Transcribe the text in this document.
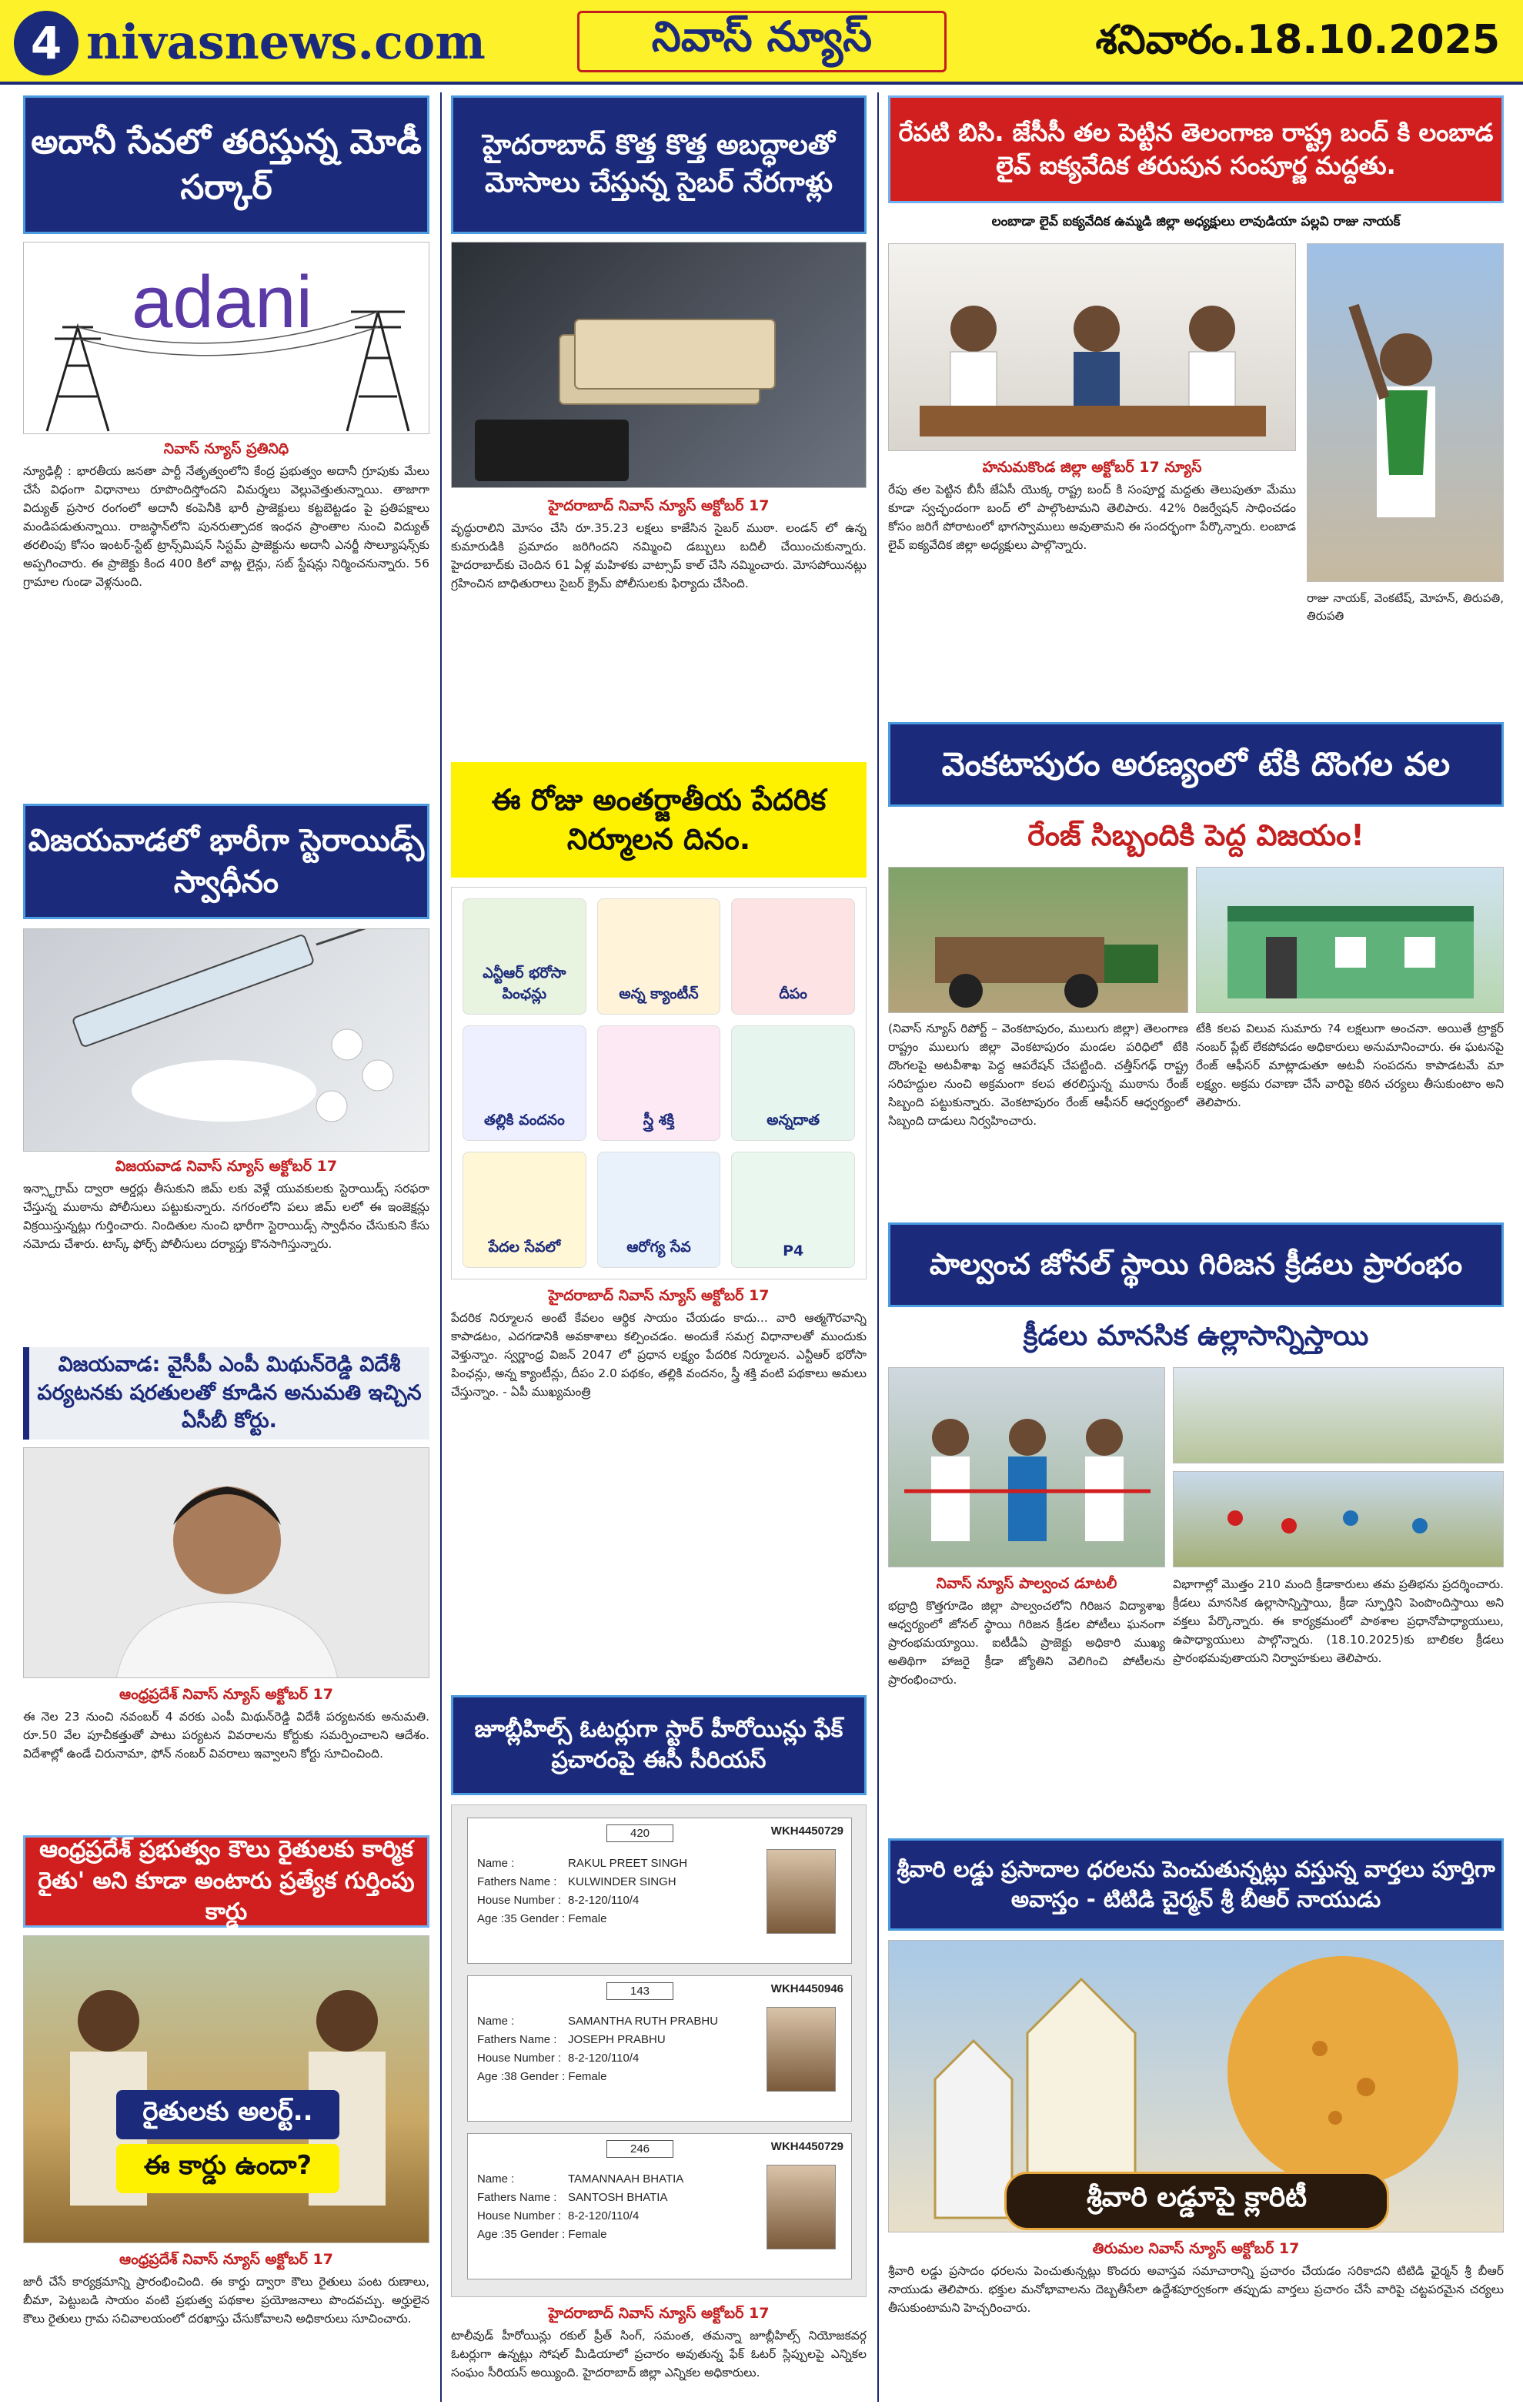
4 nivasnews.com	నివాస్ న్యూస్	శనివారం.18.10.2025
అదానీ సేవలో తరిస్తున్న మోడీ సర్కార్
adani
నివాస్ న్యూస్ ప్రతినిధి
న్యూఢిల్లీ : భారతీయ జనతా పార్టీ నేతృత్వంలోని కేంద్ర ప్రభుత్వం అదానీ గ్రూపుకు మేలు చేసే విధంగా విధానాలు రూపొందిస్తోందని విమర్శలు వెల్లువెత్తుతున్నాయి. తాజాగా విద్యుత్ ప్రసార రంగంలో అదానీ కంపెనీకి భారీ ప్రాజెక్టులు కట్టబెట్టడం పై ప్రతిపక్షాలు మండిపడుతున్నాయి. రాజస్థాన్‌లోని పునరుత్పాదక ఇంధన ప్రాంతాల నుంచి విద్యుత్ తరలింపు కోసం ఇంటర్-స్టేట్ ట్రాన్స్‌మిషన్ సిస్టమ్ ప్రాజెక్టును అదానీ ఎనర్జీ సొల్యూషన్స్‌కు అప్పగించారు. ఈ ప్రాజెక్టు కింద 400 కిలో వాట్ల లైన్లు, సబ్ స్టేషన్లు నిర్మించనున్నారు. 56 గ్రామాల గుండా వెళ్లనుంది.
విజయవాడలో భారీగా స్టెరాయిడ్స్ స్వాధీనం
విజయవాడ నివాస్ న్యూస్ అక్టోబర్ 17
ఇన్స్టాగ్రామ్ ద్వారా ఆర్డర్లు తీసుకుని జిమ్ లకు వెళ్లే యువకులకు స్టెరాయిడ్స్ సరఫరా చేస్తున్న ముఠాను పోలీసులు పట్టుకున్నారు. నగరంలోని పలు జిమ్ లలో ఈ ఇంజెక్షన్లు విక్రయిస్తున్నట్లు గుర్తించారు. నిందితుల నుంచి భారీగా స్టెరాయిడ్స్ స్వాధీనం చేసుకుని కేసు నమోదు చేశారు. టాస్క్ ఫోర్స్ పోలీసులు దర్యాప్తు కొనసాగిస్తున్నారు.
విజయవాడ: వైసీపీ ఎంపీ మిథున్‌రెడ్డి విదేశీ పర్యటనకు షరతులతో కూడిన అనుమతి ఇచ్చిన ఏసీబీ కోర్టు.
ఆంధ్రప్రదేశ్ నివాస్ న్యూస్ అక్టోబర్ 17
ఈ నెల 23 నుంచి నవంబర్ 4 వరకు ఎంపీ మిథున్‌రెడ్డి విదేశీ పర్యటనకు అనుమతి. రూ.50 వేల పూచీకత్తుతో పాటు పర్యటన వివరాలను కోర్టుకు సమర్పించాలని ఆదేశం. విదేశాల్లో ఉండే చిరునామా, ఫోన్ నంబర్ వివరాలు ఇవ్వాలని కోర్టు సూచించింది.
ఆంధ్రప్రదేశ్ ప్రభుత్వం కౌలు రైతులకు కార్మిక రైతు' అని కూడా అంటారు ప్రత్యేక గుర్తింపు కార్డు
రైతులకు అలర్ట్..
ఈ కార్డు ఉందా?
ఆంధ్రప్రదేశ్ నివాస్ న్యూస్ అక్టోబర్ 17
జారీ చేసే కార్యక్రమాన్ని ప్రారంభించింది. ఈ కార్డు ద్వారా కౌలు రైతులు పంట రుణాలు, బీమా, పెట్టుబడి సాయం వంటి ప్రభుత్వ పథకాల ప్రయోజనాలు పొందవచ్చు. అర్హులైన కౌలు రైతులు గ్రామ సచివాలయంలో దరఖాస్తు చేసుకోవాలని అధికారులు సూచించారు.
హైదరాబాద్ కొత్త కొత్త అబద్ధాలతో మోసాలు చేస్తున్న సైబర్ నేరగాళ్లు
హైదరాబాద్ నివాస్ న్యూస్ అక్టోబర్ 17
వృద్ధురాలిని మోసం చేసి రూ.35.23 లక్షలు కాజేసిన సైబర్ ముఠా. లండన్ లో ఉన్న కుమారుడికి ప్రమాదం జరిగిందని నమ్మించి డబ్బులు బదిలీ చేయించుకున్నారు. హైదరాబాద్‌కు చెందిన 61 ఏళ్ల మహిళకు వాట్సాప్ కాల్ చేసి నమ్మించారు. మోసపోయినట్లు గ్రహించిన బాధితురాలు సైబర్ క్రైమ్ పోలీసులకు ఫిర్యాదు చేసింది.
ఈ రోజు అంతర్జాతీయ పేదరిక నిర్మూలన దినం.
ఎన్టీఆర్ భరోసా పింఛన్లు	అన్న క్యాంటీన్	దీపం
తల్లికి వందనం	స్త్రీ శక్తి	అన్నదాత
పేదల సేవలో	ఆరోగ్య సేవ	P4
హైదరాబాద్ నివాస్ న్యూస్ అక్టోబర్ 17
పేదరిక నిర్మూలన అంటే కేవలం ఆర్థిక సాయం చేయడం కాదు... వారి ఆత్మగౌరవాన్ని కాపాడటం, ఎదగడానికి అవకాశాలు కల్పించడం. అందుకే సమగ్ర విధానాలతో ముందుకు వెళ్తున్నాం. స్వర్ణాంధ్ర విజన్ 2047 లో ప్రధాన లక్ష్యం పేదరిక నిర్మూలన. ఎన్టీఆర్ భరోసా పింఛన్లు, అన్న క్యాంటీన్లు, దీపం 2.0 పథకం, తల్లికి వందనం, స్త్రీ శక్తి వంటి పథకాలు అమలు చేస్తున్నాం. - ఏపీ ముఖ్యమంత్రి
జూబ్లీహిల్స్ ఓటర్లుగా స్టార్ హీరోయిన్లు ఫేక్ ప్రచారంపై ఈసీ సీరియస్
420	WKH4450729
Name :	RAKUL PREET SINGH
Fathers Name : KULWINDER SINGH
House Number : 8-2-120/110/4
Age :35 Gender : Female
143	WKH4450946
Name :	SAMANTHA RUTH PRABHU
Fathers Name : JOSEPH PRABHU
House Number : 8-2-120/110/4
Age :38 Gender : Female
246	WKH4450729
Name :	TAMANNAAH BHATIA
Fathers Name : SANTOSH BHATIA
House Number : 8-2-120/110/4
Age :35 Gender : Female
హైదరాబాద్ నివాస్ న్యూస్ అక్టోబర్ 17
టాలీవుడ్ హీరోయిన్లు రకుల్ ప్రీత్ సింగ్, సమంత, తమన్నా జూబ్లీహిల్స్ నియోజకవర్గ ఓటర్లుగా ఉన్నట్లు సోషల్ మీడియాలో ప్రచారం అవుతున్న ఫేక్ ఓటర్ స్లిప్పులపై ఎన్నికల సంఘం సీరియస్ అయ్యింది. హైదరాబాద్ జిల్లా ఎన్నికల అధికారులు.
రేపటి బిసి. జేసీసీ తల పెట్టిన తెలంగాణ రాష్ట్ర బంద్ కి లంబాడ లైవ్ ఐక్యవేదిక తరుపున సంపూర్ణ మద్దతు.
లంబాడా లైవ్ ఐక్యవేదిక ఉమ్మడి జిల్లా అధ్యక్షులు లావుడియా పల్లవి రాజు నాయక్
హనుమకొండ జిల్లా అక్టోబర్ 17 న్యూస్
రేపు తల పెట్టిన బీసీ జేఏసీ యొక్క రాష్ట్ర బంద్ కి సంపూర్ణ మద్దతు తెలుపుతూ మేము కూడా స్వచ్ఛందంగా బంద్ లో పాల్గొంటామని తెలిపారు. 42% రిజర్వేషన్ సాధించడం కోసం జరిగే పోరాటంలో భాగస్వాములు అవుతామని ఈ సందర్భంగా పేర్కొన్నారు. లంబాడ లైవ్ ఐక్యవేదిక జిల్లా అధ్యక్షులు పాల్గొన్నారు.
రాజు నాయక్, వెంకటేష్, మోహన్, తిరుపతి, తిరుపతి
వెంకటాపురం అరణ్యంలో టేకి దొంగల వల
రేంజ్ సిబ్బందికి పెద్ద విజయం!
(నివాస్ న్యూస్ రిపోర్ట్ – వెంకటాపురం, ములుగు జిల్లా) తెలంగాణ రాష్ట్రం ములుగు జిల్లా వెంకటాపురం మండల పరిధిలో టేకి దొంగలపై అటవీశాఖ పెద్ద ఆపరేషన్ చేపట్టింది. చత్తీస్‌గఢ్ రాష్ట్ర సరిహద్దుల నుంచి అక్రమంగా కలప తరలిస్తున్న ముఠాను రేంజ్ సిబ్బంది పట్టుకున్నారు. వెంకటాపురం రేంజ్ ఆఫీసర్ ఆధ్వర్యంలో సిబ్బంది దాడులు నిర్వహించారు.
టేకి కలప విలువ సుమారు ?4 లక్షలుగా అంచనా. అయితే ట్రాక్టర్ నంబర్ ప్లేట్ లేకపోవడం అధికారులు అనుమానించారు. ఈ ఘటనపై రేంజ్ ఆఫీసర్ మాట్లాడుతూ అటవీ సంపదను కాపాడటమే మా లక్ష్యం. అక్రమ రవాణా చేసే వారిపై కఠిన చర్యలు తీసుకుంటాం అని తెలిపారు.
పాల్వంచ జోనల్ స్థాయి గిరిజన క్రీడలు ప్రారంభం
క్రీడలు మానసిక ఉల్లాసాన్నిస్తాయి
నివాస్ న్యూస్ పాల్వంచ డూటలీ
భద్రాద్రి కొత్తగూడెం జిల్లా పాల్వంచలోని గిరిజన విద్యాశాఖ ఆధ్వర్యంలో జోనల్ స్థాయి గిరిజన క్రీడల పోటీలు ఘనంగా ప్రారంభమయ్యాయి. ఐటీడీఏ ప్రాజెక్టు అధికారి ముఖ్య అతిథిగా హాజరై క్రీడా జ్యోతిని వెలిగించి పోటీలను ప్రారంభించారు.
విభాగాల్లో మొత్తం 210 మంది క్రీడాకారులు తమ ప్రతిభను ప్రదర్శించారు. క్రీడలు మానసిక ఉల్లాసాన్నిస్తాయి, క్రీడా స్ఫూర్తిని పెంపొందిస్తాయి అని వక్తలు పేర్కొన్నారు. ఈ కార్యక్రమంలో పాఠశాల ప్రధానోపాధ్యాయులు, ఉపాధ్యాయులు పాల్గొన్నారు. (18.10.2025)కు బాలికల క్రీడలు ప్రారంభమవుతాయని నిర్వాహకులు తెలిపారు.
శ్రీవారి లడ్డు ప్రసాదాల ధరలను పెంచుతున్నట్లు వస్తున్న వార్తలు పూర్తిగా అవాస్తం - టిటిడి చైర్మన్ శ్రీ బీఆర్ నాయుడు
శ్రీవారి లడ్డూపై క్లారిటీ
తిరుమల నివాస్ న్యూస్ అక్టోబర్ 17
శ్రీవారి లడ్డు ప్రసాదం ధరలను పెంచుతున్నట్లు కొందరు అవాస్తవ సమాచారాన్ని ప్రచారం చేయడం సరికాదని టిటిడి ఛైర్మన్ శ్రీ బీఆర్ నాయుడు తెలిపారు. భక్తుల మనోభావాలను దెబ్బతీసేలా ఉద్దేశపూర్వకంగా తప్పుడు వార్తలు ప్రచారం చేసే వారిపై చట్టపరమైన చర్యలు తీసుకుంటామని హెచ్చరించారు.
